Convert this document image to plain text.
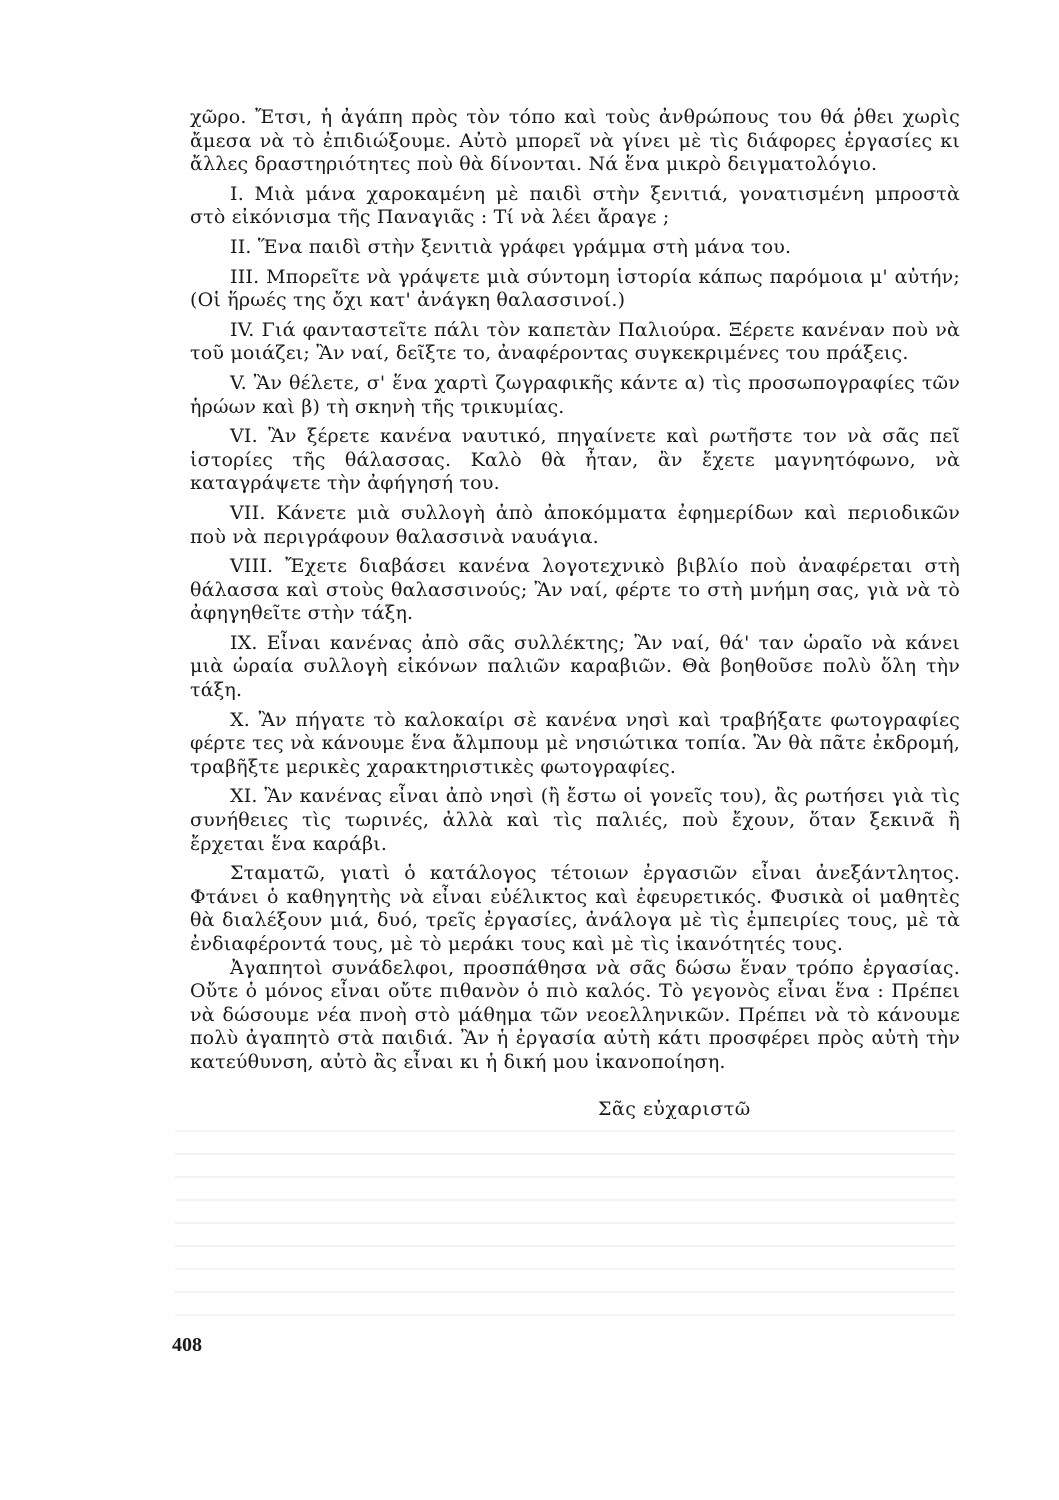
χῶρο. Ἔτσι, ἡ ἀγάπη πρὸς τὸν τόπο καὶ τοὺς ἀνθρώπους του θά ῥθει χωρὶς ἄμεσα νὰ τὸ ἐπιδιώξουμε. Αὐτὸ μπορεῖ νὰ γίνει μὲ τὶς διάφορες ἐργασίες κι ἄλλες δραστηριότητες ποὺ θὰ δίνονται. Νά ἕνα μικρὸ δειγματολόγιο.

I. Μιὰ μάνα χαροκαμένη μὲ παιδὶ στὴν ξενιτιά, γονατισμένη μπροστὰ στὸ εἰκόνισμα τῆς Παναγιᾶς : Τί νὰ λέει ἄραγε ;

II. Ἕνα παιδὶ στὴν ξενιτιὰ γράφει γράμμα στὴ μάνα του.

III. Μπορεῖτε νὰ γράψετε μιὰ σύντομη ἱστορία κάπως παρόμοια μ' αὐτήν; (Οἱ ἥρωές της ὄχι κατ' ἀνάγκη θαλασσινοί.)

IV. Γιά φανταστεῖτε πάλι τὸν καπετὰν Παλιούρα. Ξέρετε κανέναν ποὺ νὰ τοῦ μοιάζει; Ἂν ναί, δεῖξτε το, ἀναφέροντας συγκεκριμένες του πράξεις.

V. Ἂν θέλετε, σ' ἕνα χαρτὶ ζωγραφικῆς κάντε α) τὶς προσωπογραφίες τῶν ἡρώων καὶ β) τὴ σκηνὴ τῆς τρικυμίας.

VI. Ἂν ξέρετε κανένα ναυτικό, πηγαίνετε καὶ ρωτῆστε τον νὰ σᾶς πεῖ ἱστορίες τῆς θάλασσας. Καλὸ θὰ ἦταν, ἂν ἔχετε μαγνητόφωνο, νὰ καταγράψετε τὴν ἀφήγησή του.

VII. Κάνετε μιὰ συλλογὴ ἀπὸ ἀποκόμματα ἐφημερίδων καὶ περιοδικῶν ποὺ νὰ περιγράφουν θαλασσινὰ ναυάγια.

VIII. Ἔχετε διαβάσει κανένα λογοτεχνικὸ βιβλίο ποὺ ἀναφέρεται στὴ θάλασσα καὶ στοὺς θαλασσινούς; Ἂν ναί, φέρτε το στὴ μνήμη σας, γιὰ νὰ τὸ ἀφηγηθεῖτε στὴν τάξη.

IX. Εἶναι κανένας ἀπὸ σᾶς συλλέκτης; Ἂν ναί, θά' ταν ὡραῖο νὰ κάνει μιὰ ὡραία συλλογὴ εἰκόνων παλιῶν καραβιῶν. Θὰ βοηθοῦσε πολὺ ὅλη τὴν τάξη.

X. Ἂν πήγατε τὸ καλοκαίρι σὲ κανένα νησὶ καὶ τραβήξατε φωτογραφίες φέρτε τες νὰ κάνουμε ἕνα ἄλμπουμ μὲ νησιώτικα τοπία. Ἂν θὰ πᾶτε ἐκδρομή, τραβῆξτε μερικὲς χαρακτηριστικὲς φωτογραφίες.

XI. Ἂν κανένας εἶναι ἀπὸ νησὶ (ἢ ἔστω οἱ γονεῖς του), ἂς ρωτήσει γιὰ τὶς συνήθειες τὶς τωρινές, ἀλλὰ καὶ τὶς παλιές, ποὺ ἔχουν, ὅταν ξεκινᾶ ἢ ἔρχεται ἕνα καράβι.

Σταματῶ, γιατὶ ὁ κατάλογος τέτοιων ἐργασιῶν εἶναι ἀνεξάντλητος. Φτάνει ὁ καθηγητὴς νὰ εἶναι εὐέλικτος καὶ ἐφευρετικός. Φυσικὰ οἱ μαθητὲς θὰ διαλέξουν μιά, δυό, τρεῖς ἐργασίες, ἀνάλογα μὲ τὶς ἐμπειρίες τους, μὲ τὰ ἐνδιαφέροντά τους, μὲ τὸ μεράκι τους καὶ μὲ τὶς ἱκανότητές τους.

Ἀγαπητοὶ συνάδελφοι, προσπάθησα νὰ σᾶς δώσω ἕναν τρόπο ἐργασίας. Οὔτε ὁ μόνος εἶναι οὔτε πιθανὸν ὁ πιὸ καλός. Τὸ γεγονὸς εἶναι ἕνα : Πρέπει νὰ δώσουμε νέα πνοὴ στὸ μάθημα τῶν νεοελληνικῶν. Πρέπει νὰ τὸ κάνουμε πολὺ ἀγαπητὸ στὰ παιδιά. Ἂν ἡ ἐργασία αὐτὴ κάτι προσφέρει πρὸς αὐτὴ τὴν κατεύθυνση, αὐτὸ ἂς εἶναι κι ἡ δική μου ἱκανοποίηση.

Σᾶς εὐχαριστῶ
408
